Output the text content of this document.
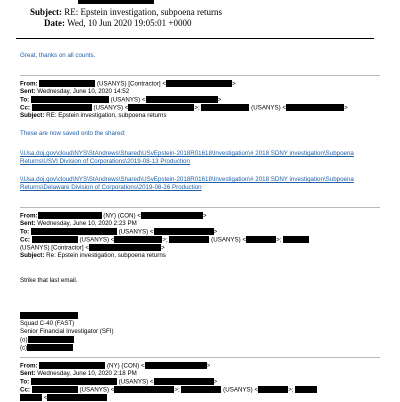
Subject: RE: Epstein investigation, subpoena returns
Date: Wed, 10 Jun 2020 19:05:01 +0000
Great, thanks on all counts.
From:	(USANYS) [Contractor] <	>
Sent: Wednesday, June 10, 2020 14:52
To:	(USANYS) <	>
Cc:	(USANYS) <	>;	(USANYS) <	>
Subject: RE: Epstein investigation, subpoena returns
These are now saved onto the shared:
\\Usa.doj.gov\cloud\NYS\StAndrews\Shared\USvEpstein-2018R01618\Investigation\# 2018 SDNY investigation\Subpoena
Returns\USVI Division of Corporations\2019-08-13 Production
\\Usa.doj.gov\cloud\NYS\StAndrews\Shared\USvEpstein-2018R01618\Investigation\# 2018 SDNY investigation\Subpoena
Returns\Delaware Division of Corporations\2019-08-26 Production
From:	(NY) (CON) <	>
Sent: Wednesday, June 10, 2020 2:23 PM
To:	(USANYS) <	>
Cc:	(USANYS) <	>;	(USANYS) <	>;
(USANYS) [Contractor] <	>
Subject: Re: Epstein investigation, subpoena returns
Strike that last email.
Squad C-40 (FAST)
Senior Financial Investigator (SFI)
(o)
(c)
From:	(NY) (CON) <	>
Sent: Wednesday, June 10, 2020 2:18 PM
To:	(USANYS) <	>
Cc:	(USANYS) <	>;	(USANYS) <	>;
<
